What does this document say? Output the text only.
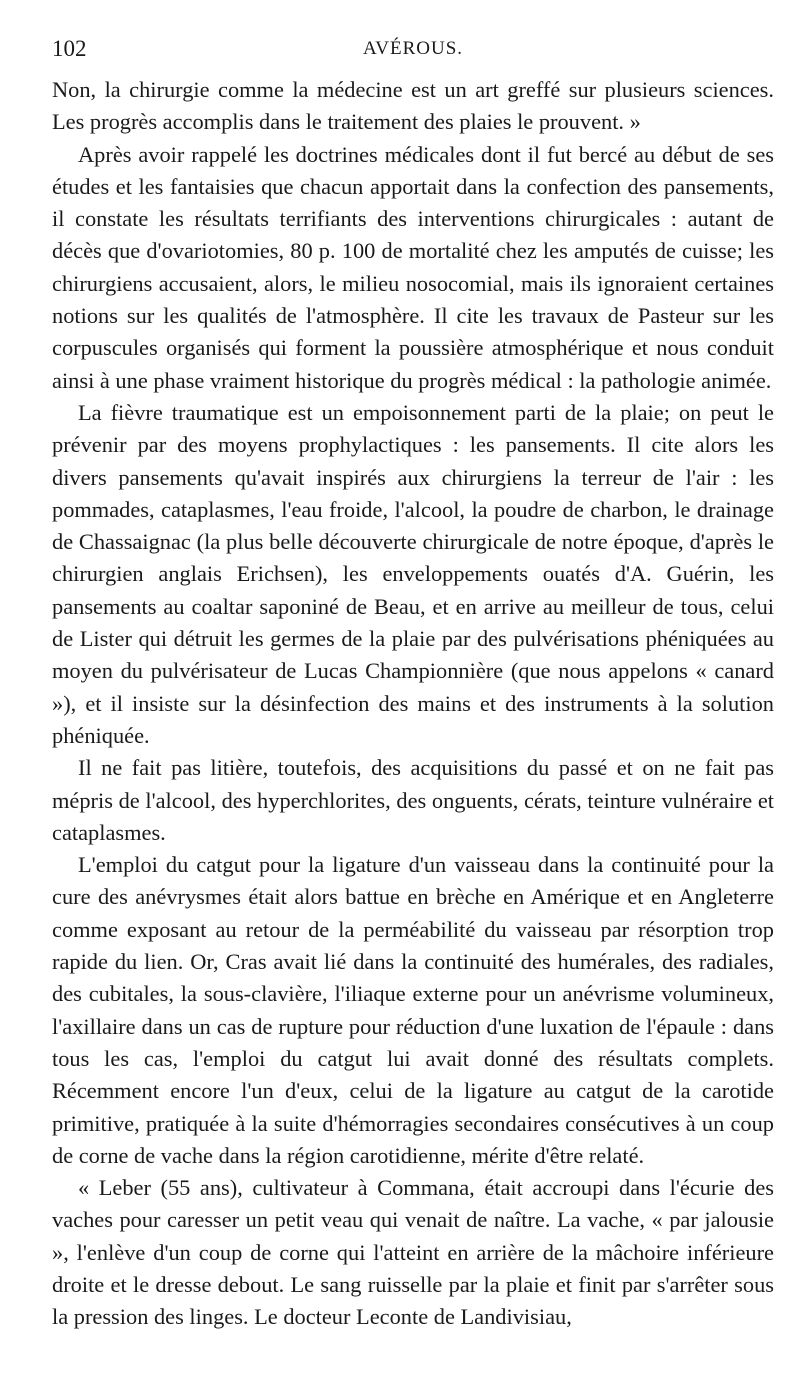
102	AVÉROUS.

Non, la chirurgie comme la médecine est un art greffé sur plusieurs sciences. Les progrès accomplis dans le traitement des plaies le prouvent. »

Après avoir rappelé les doctrines médicales dont il fut bercé au début de ses études et les fantaisies que chacun apportait dans la confection des pansements, il constate les résultats terrifiants des interventions chirurgicales : autant de décès que d'ovariotomies, 80 p. 100 de mortalité chez les amputés de cuisse; les chirurgiens accusaient, alors, le milieu nosocomial, mais ils ignoraient certaines notions sur les qualités de l'atmosphère. Il cite les travaux de Pasteur sur les corpuscules organisés qui forment la poussière atmosphérique et nous conduit ainsi à une phase vraiment historique du progrès médical : la pathologie animée.

La fièvre traumatique est un empoisonnement parti de la plaie; on peut le prévenir par des moyens prophylactiques : les pansements. Il cite alors les divers pansements qu'avait inspirés aux chirurgiens la terreur de l'air : les pommades, cataplasmes, l'eau froide, l'alcool, la poudre de charbon, le drainage de Chassaignac (la plus belle découverte chirurgicale de notre époque, d'après le chirurgien anglais Erichsen), les enveloppements ouatés d'A. Guérin, les pansements au coaltar saponiné de Beau, et en arrive au meilleur de tous, celui de Lister qui détruit les germes de la plaie par des pulvérisations phéniquées au moyen du pulvérisateur de Lucas Championnière (que nous appelons « canard »), et il insiste sur la désinfection des mains et des instruments à la solution phéniquée.

Il ne fait pas litière, toutefois, des acquisitions du passé et on ne fait pas mépris de l'alcool, des hyperchlorites, des onguents, cérats, teinture vulnéraire et cataplasmes.

L'emploi du catgut pour la ligature d'un vaisseau dans la continuité pour la cure des anévrysmes était alors battue en brèche en Amérique et en Angleterre comme exposant au retour de la perméabilité du vaisseau par résorption trop rapide du lien. Or, Cras avait lié dans la continuité des humérales, des radiales, des cubitales, la sous-clavière, l'iliaque externe pour un anévrisme volumineux, l'axillaire dans un cas de rupture pour réduction d'une luxation de l'épaule : dans tous les cas, l'emploi du catgut lui avait donné des résultats complets. Récemment encore l'un d'eux, celui de la ligature au catgut de la carotide primitive, pratiquée à la suite d'hémorragies secondaires consécutives à un coup de corne de vache dans la région carotidienne, mérite d'être relaté.

« Leber (55 ans), cultivateur à Commana, était accroupi dans l'écurie des vaches pour caresser un petit veau qui venait de naître. La vache, « par jalousie », l'enlève d'un coup de corne qui l'atteint en arrière de la mâchoire inférieure droite et le dresse debout. Le sang ruisselle par la plaie et finit par s'arrêter sous la pression des linges. Le docteur Leconte de Landivisiau,
